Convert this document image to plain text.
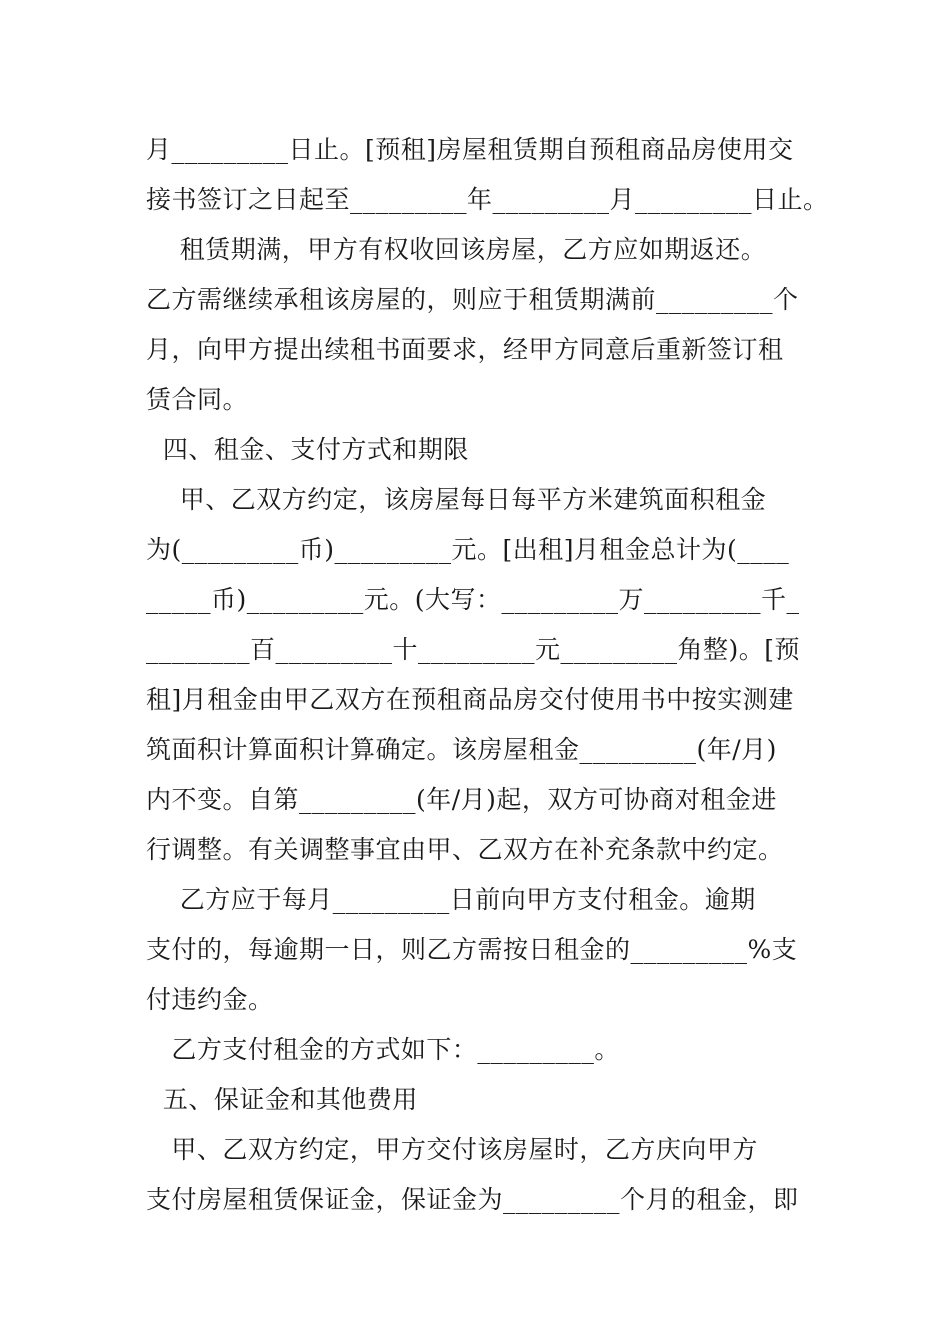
月_________日止。[预租]房屋租赁期自预租商品房使用交
接书签订之日起至_________年_________月_________日止。
租赁期满，甲方有权收回该房屋，乙方应如期返还。
乙方需继续承租该房屋的，则应于租赁期满前_________个
月，向甲方提出续租书面要求，经甲方同意后重新签订租
赁合同。
四、租金、支付方式和期限
甲、乙双方约定，该房屋每日每平方米建筑面积租金
为(_________币)_________元。[出租]月租金总计为(____
_____币)_________元。(大写：_________万_________千_
________百_________十_________元_________角整)。[预
租]月租金由甲乙双方在预租商品房交付使用书中按实测建
筑面积计算面积计算确定。该房屋租金_________(年/月)
内不变。自第_________(年/月)起，双方可协商对租金进
行调整。有关调整事宜由甲、乙双方在补充条款中约定。
乙方应于每月_________日前向甲方支付租金。逾期
支付的，每逾期一日，则乙方需按日租金的_________%支
付违约金。
乙方支付租金的方式如下：_________。
五、保证金和其他费用
甲、乙双方约定，甲方交付该房屋时，乙方庆向甲方
支付房屋租赁保证金，保证金为_________个月的租金，即
